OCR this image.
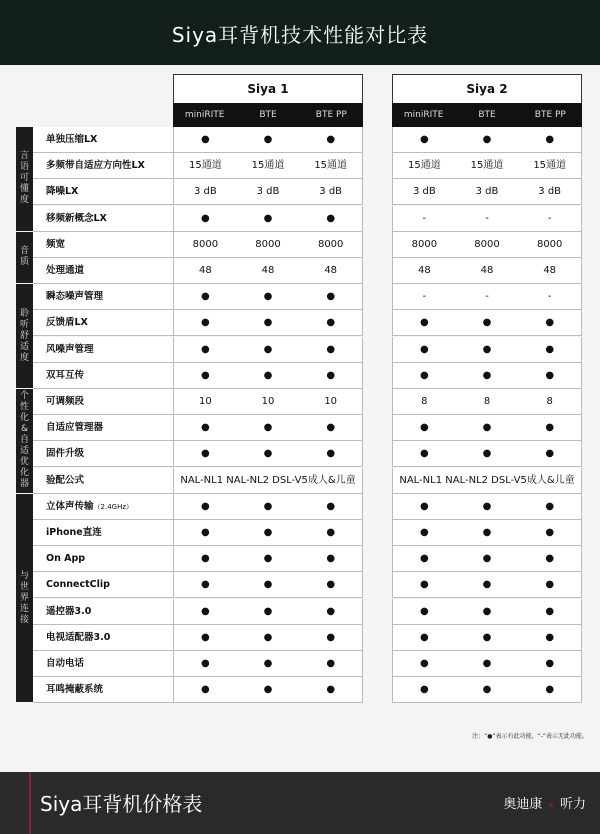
Siya耳背机技术性能对比表
Siya 1	Siya 2
miniRITE	BTE	BTE PP	miniRITE	BTE	BTE PP
单独压缩LX	●	●	●	●	●	●
多频带自适应方向性LX	15通道	15通道	15通道	15通道	15通道	15通道
降噪LX	3 dB	3 dB	3 dB	3 dB	3 dB	3 dB
移频新概念LX	●	●	●	-	-	-
言语可懂度
频宽	8000	8000	8000	8000	8000	8000
处理通道	48	48	48	48	48	48
音质
瞬态噪声管理	●	●	●	-	-	-
反馈盾LX	●	●	●	●	●	●
风噪声管理	●	●	●	●	●	●
双耳互传	●	●	●	●	●	●
聆听舒适度
可调频段	10	10	10	8	8	8
自适应管理器	●	●	●	●	●	●
固件升级	●	●	●	●	●	●
验配公式	NAL-NL1 NAL-NL2 DSL-V5成人&儿童	NAL-NL1 NAL-NL2 DSL-V5成人&儿童
个性化&自适优化器
立体声传输（2.4GHz）	●	●	●	●	●	●
iPhone直连	●	●	●	●	●	●
On App	●	●	●	●	●	●
ConnectClip	●	●	●	●	●	●
遥控器3.0	●	●	●	●	●	●
电视适配器3.0	●	●	●	●	●	●
自动电话	●	●	●	●	●	●
耳鸣掩蔽系统	●	●	●	●	●	●
与世界连接
注：“●”表示有此功能，“-”表示无此功能。
Siya耳背机价格表	奥迪康 × 听力
